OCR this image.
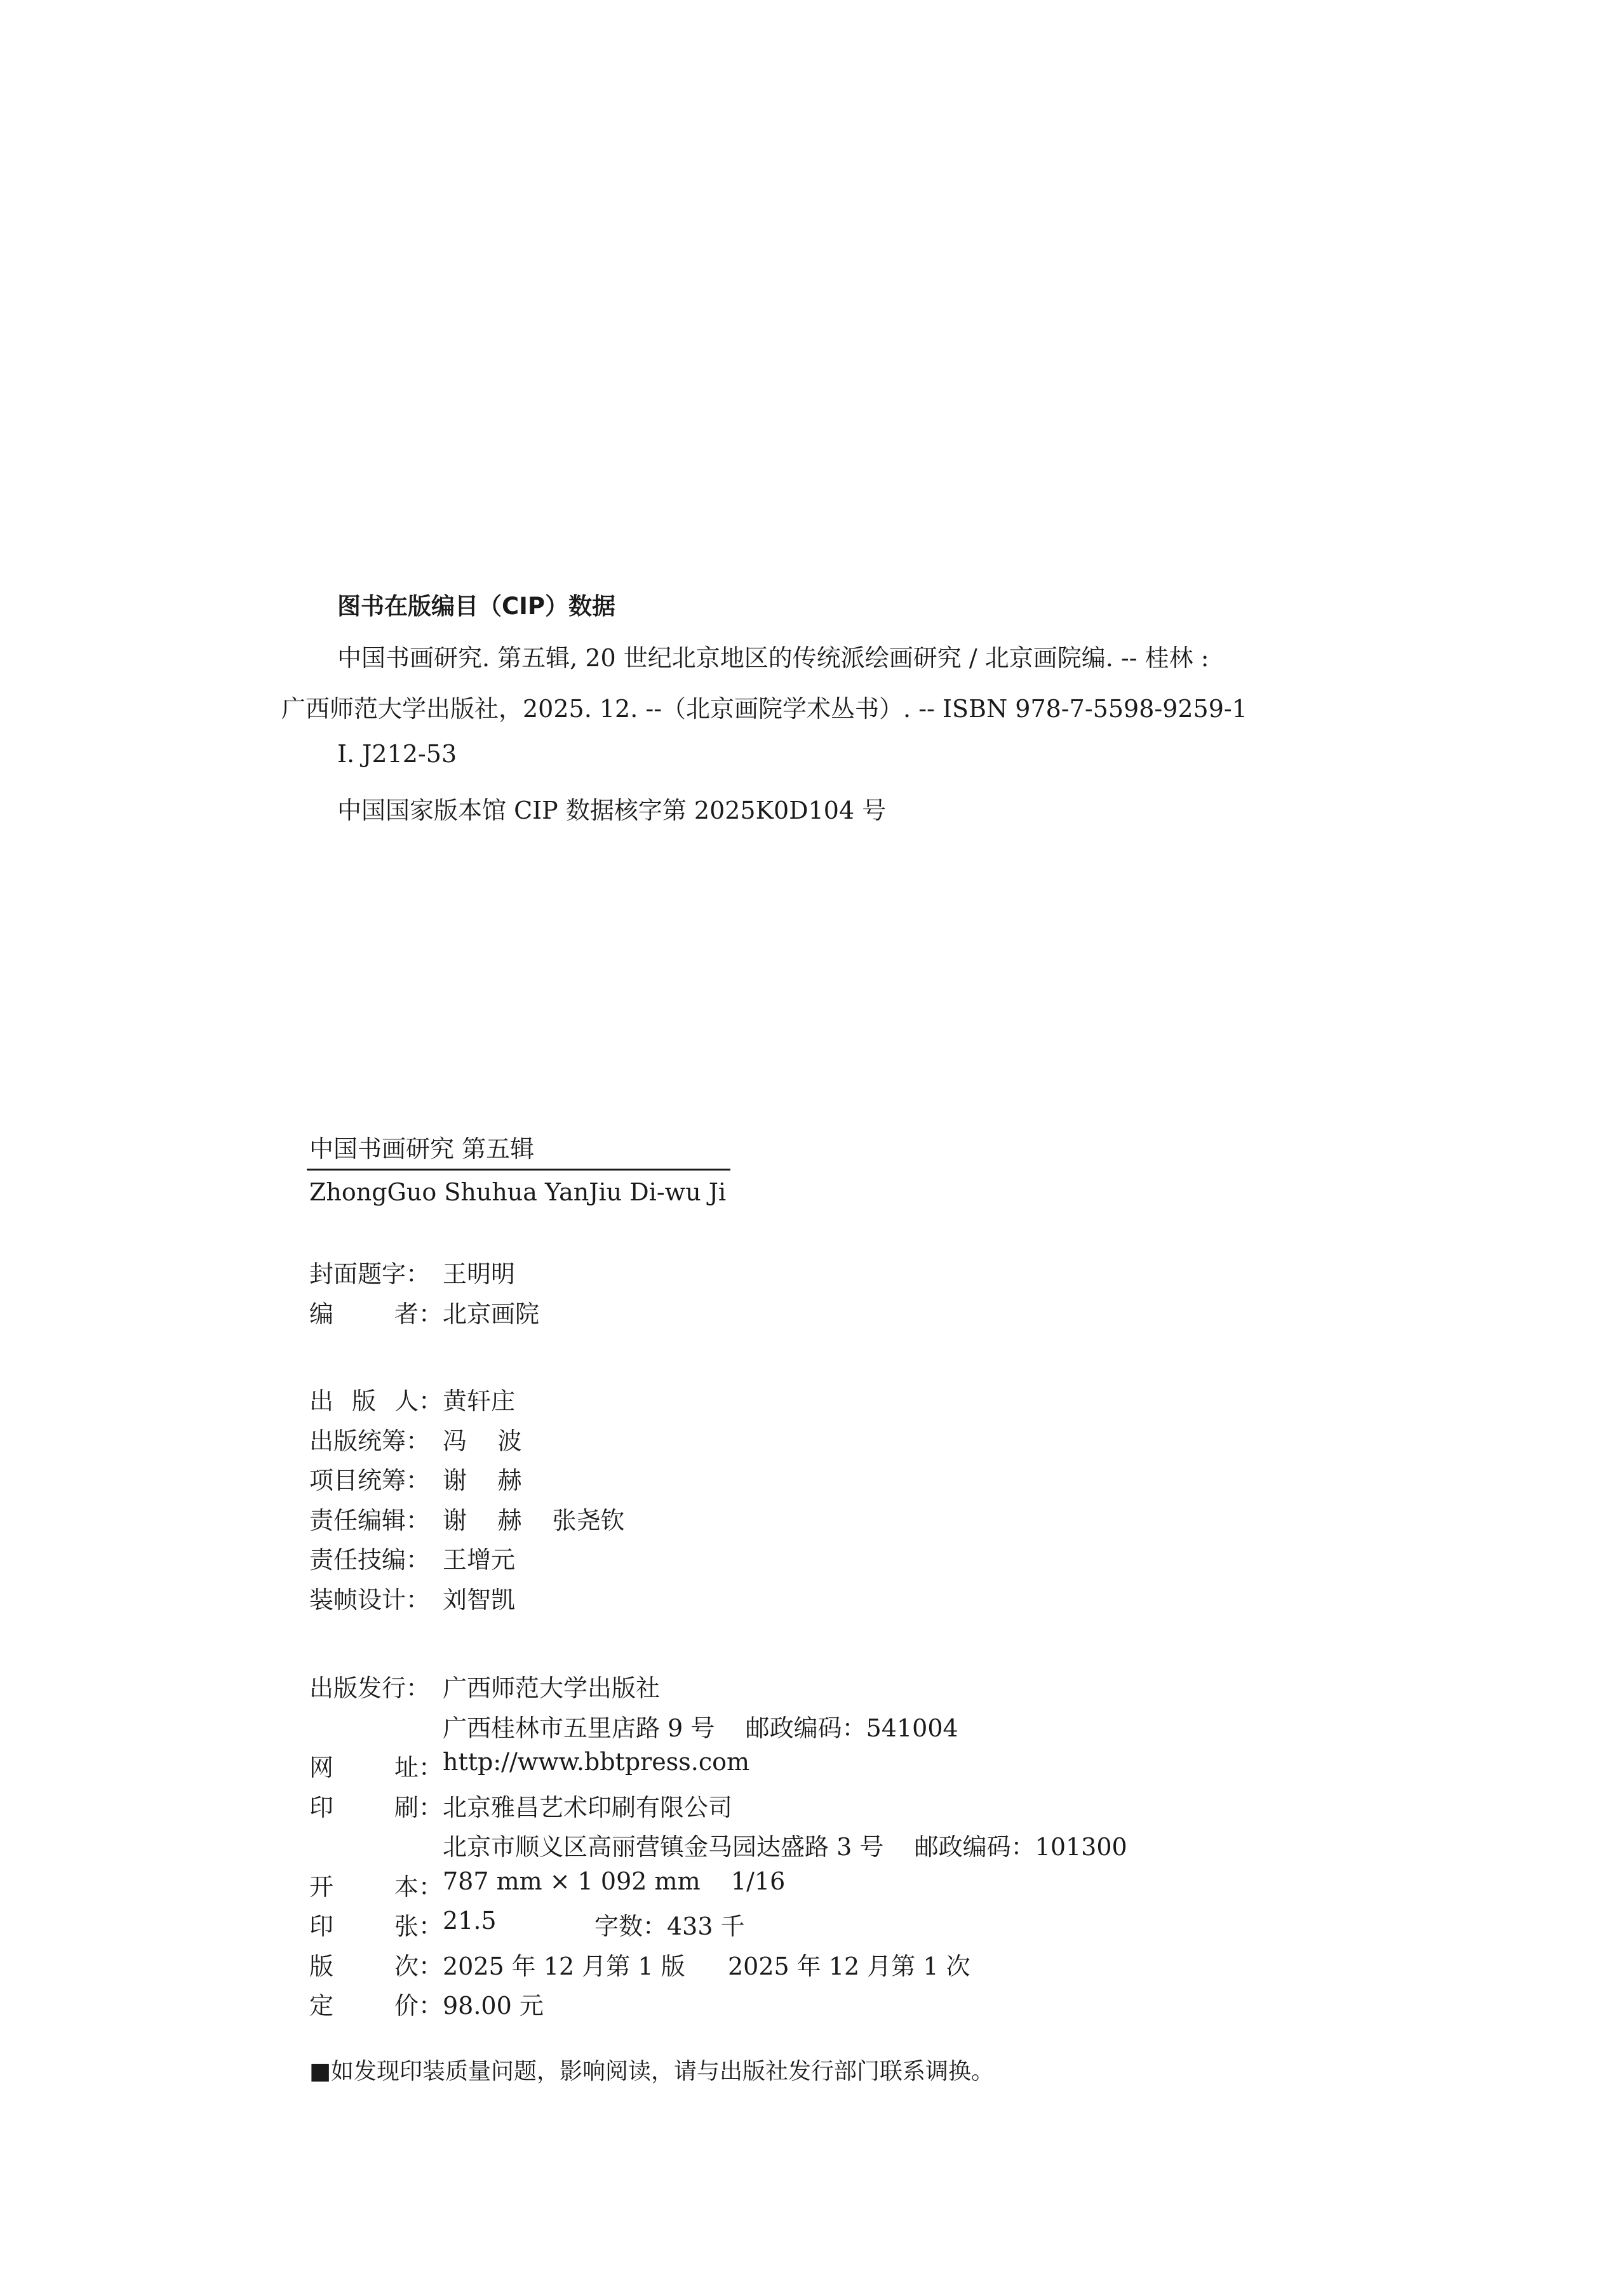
图书在版编目（CIP）数据
中国书画研究. 第五辑, 20 世纪北京地区的传统派绘画研究 / 北京画院编. -- 桂林 :
广西师范大学出版社，2025. 12. --（北京画院学术丛书）. -- ISBN 978-7-5598-9259-1
Ⅰ. J212-53
中国国家版本馆 CIP 数据核字第 2025K0D104 号
中国书画研究 第五辑
ZhongGuo Shuhua YanJiu Di-wu Ji
封面题字： 王明明
编	者： 北京画院
出 版 人： 黄轩庄
出版统筹： 冯    波
项目统筹： 谢    赫
责任编辑： 谢    赫    张尧钦
责任技编： 王增元
装帧设计： 刘智凯
出版发行： 广西师范大学出版社
广西桂林市五里店路 9 号    邮政编码：541004
网	址： http://www.bbtpress.com
印	刷： 北京雅昌艺术印刷有限公司
北京市顺义区高丽营镇金马园达盛路 3 号    邮政编码：101300
开	本： 787 mm × 1 092 mm    1/16
印	张： 21.5	字数：433 千
版	次： 2025 年 12 月第 1 版 2025 年 12 月第 1 次
定	价： 98.00 元
■如发现印装质量问题，影响阅读，请与出版社发行部门联系调换。
